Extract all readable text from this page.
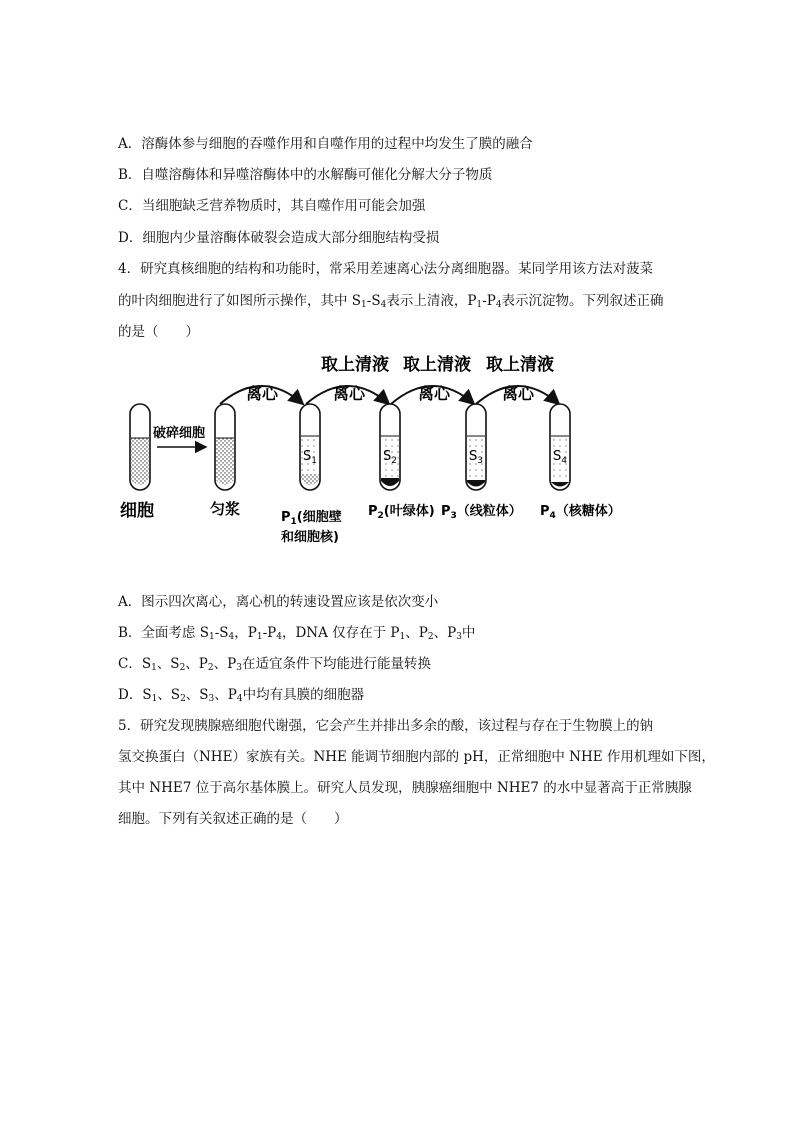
A．溶酶体参与细胞的吞噬作用和自噬作用的过程中均发生了膜的融合
B．自噬溶酶体和异噬溶酶体中的水解酶可催化分解大分子物质
C．当细胞缺乏营养物质时，其自噬作用可能会加强
D．细胞内少量溶酶体破裂会造成大部分细胞结构受损
4．研究真核细胞的结构和功能时，常采用差速离心法分离细胞器。某同学用该方法对菠菜
的叶肉细胞进行了如图所示操作，其中 $S_1-S_4$表示上清液，$P_1-P_4$表示沉淀物。下列叙述正确
的是（　　）
取上清液 取上清液 取上清液
离心	离心	离心	离心
破碎细胞
细胞	匀浆
$S_1$	$S_2$	$S_3$	$S_4$
$P_1$(细胞壁
和细胞核)
$P_2$(叶绿体) $P_3$（线粒体） $P_4$（核糖体）
A．图示四次离心，离心机的转速设置应该是依次变小
B．全面考虑 $S_1-S_4$，$P_1-P_4$，DNA 仅存在于 $P_1$、$P_2$、$P_3$中
C．$S_1$、$S_2$、$P_2$、$P_3$在适宜条件下均能进行能量转换
D．$S_1$、$S_2$、$S_3$、$P_4$中均有具膜的细胞器
5．研究发现胰腺癌细胞代谢强，它会产生并排出多余的酸，该过程与存在于生物膜上的钠
氢交换蛋白（NHE）家族有关。NHE 能调节细胞内部的 pH，正常细胞中 NHE 作用机理如下图，
其中 NHE7 位于高尔基体膜上。研究人员发现，胰腺癌细胞中 NHE7 的水中显著高于正常胰腺
细胞。下列有关叙述正确的是（　　）
